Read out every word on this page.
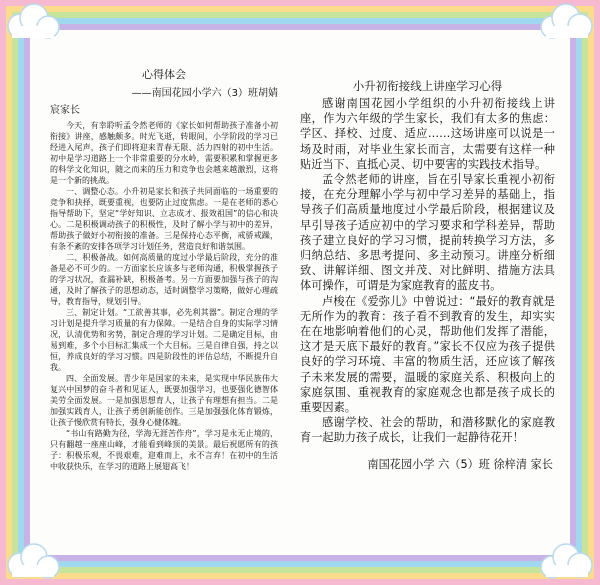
心得体会
——南国花园小学六（3）班胡婧
宸家长

今天，有幸聆听孟令然老师的《家长如何帮助孩子准备小初衔接》讲座，感触颇多。时光飞逝，转眼间，小学阶段的学习已经进入尾声，孩子们即将迎来青春无限、活力四射的初中生活。初中是学习道路上一个非常重要的分水岭，需要积累和掌握更多的科学文化知识，随之而来的压力和竞争也会越来越激烈，这将是一个新的挑战。

一、调整心态。小升初是家长和孩子共同面临的一场重要的竞争和抉择，既要重视，也要防止过度焦虑。一是在老师的悉心指导帮助下，坚定“学好知识、立志成才、报效祖国”的信心和决心。二是积极调动孩子的积极性，及时了解小学与初中的差异，帮助孩子做好小初衔接的准备。三是保持心态平衡，戒骄戒躁，有条不紊的安排各项学习计划任务，营造良好和谐氛围。

二、积极备战。如何高质量的度过小学最后阶段，充分的准备是必不可少的。一方面家长应该多与老师沟通，积极掌握孩子的学习状况，查漏补缺，积极备考。另一方面要加强与孩子的沟通，及时了解孩子的思想动态，适时调整学习策略，做好心理疏导，教育指导，规划引导。

三、制定计划。“工欲善其事，必先利其器”。制定合理的学习计划是提升学习质量的有力保障。一是结合自身的实际学习情况，认清优势和劣势，制定合理的学习计划。二是确定目标，由易到难，多个小目标汇集成一个大目标。三是自律自强，持之以恒，养成良好的学习习惯。四是阶段性的评估总结，不断提升自我。

四、全面发展。青少年是国家的未来，是实现中华民族伟大复兴中国梦的奋斗者和见证人，既要加强学习，也要强化德智体美劳全面发展。一是加强思想育人，让孩子有理想有担当。二是加强实践育人，让孩子勇创新能创作。三是加强强化体育锻炼，让孩子慢欣赏有特长，强身心健体魄。

“书山有路勤为径，学海无涯苦作舟”，学习是永无止境的，只有翻越一座座山峰，才能看到峰顶的美景。最后祝愿所有的孩子：积极乐观，不畏艰难，迎难而上，永不言弃！在初中的生活中收获快乐，在学习的道路上展翅高飞！

小升初衔接线上讲座学习心得

感谢南国花园小学组织的小升初衔接线上讲座，作为六年级的学生家长，我们有太多的焦虑：学区、择校、过度、适应……这场讲座可以说是一场及时雨，对毕业生家长而言，太需要有这样一种贴近当下、直抵心灵、切中要害的实践技术指导。

孟令然老师的讲座，旨在引导家长重视小初衔接，在充分理解小学与初中学习差异的基础上，指导孩子们高质量地度过小学最后阶段，根据建议及早引导孩子适应初中的学习要求和学科差异，帮助孩子建立良好的学习习惯，提前转换学习方法，多归纳总结、多思考提问、多主动预习。讲座分析细致、讲解详细、图文并茂、对比鲜明、措施方法具体可操作，可谓是为家庭教育的蓝皮书。

卢梭在《爱弥儿》中曾说过：“最好的教育就是无所作为的教育：孩子看不到教育的发生，却实实在在地影响着他们的心灵，帮助他们发挥了潜能，这才是天底下最好的教育。”家长不仅应为孩子提供良好的学习环境、丰富的物质生活，还应该了解孩子未来发展的需要，温暖的家庭关系、积极向上的家庭氛围、重视教育的家庭观念也都是孩子成长的重要因素。

感谢学校、社会的帮助，和潜移默化的家庭教育一起助力孩子成长，让我们一起静待花开！

南国花园小学 六（5）班 徐梓清 家长
